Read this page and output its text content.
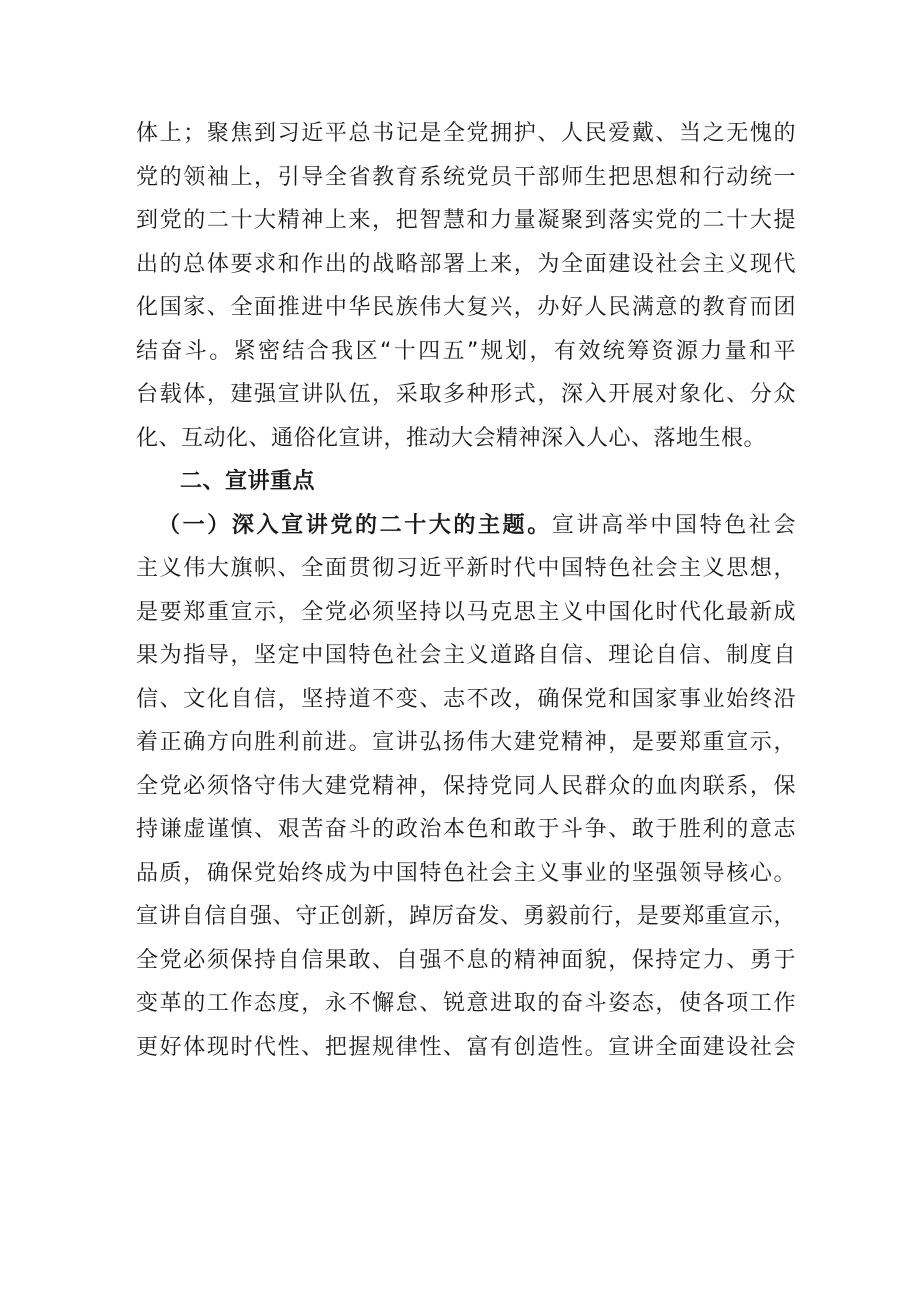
体上；聚焦到习近平总书记是全党拥护、人民爱戴、当之无愧的
党的领袖上，引导全省教育系统党员干部师生把思想和行动统一
到党的二十大精神上来，把智慧和力量凝聚到落实党的二十大提
出的总体要求和作出的战略部署上来，为全面建设社会主义现代
化国家、全面推进中华民族伟大复兴，办好人民满意的教育而团
结奋斗。紧密结合我区“十四五”规划，有效统筹资源力量和平
台载体，建强宣讲队伍，采取多种形式，深入开展对象化、分众
化、互动化、通俗化宣讲，推动大会精神深入人心、落地生根。
二、宣讲重点
（一）深入宣讲党的二十大的主题。宣讲高举中国特色社会
主义伟大旗帜、全面贯彻习近平新时代中国特色社会主义思想，
是要郑重宣示，全党必须坚持以马克思主义中国化时代化最新成
果为指导，坚定中国特色社会主义道路自信、理论自信、制度自
信、文化自信，坚持道不变、志不改，确保党和国家事业始终沿
着正确方向胜利前进。宣讲弘扬伟大建党精神，是要郑重宣示，
全党必须恪守伟大建党精神，保持党同人民群众的血肉联系，保
持谦虚谨慎、艰苦奋斗的政治本色和敢于斗争、敢于胜利的意志
品质，确保党始终成为中国特色社会主义事业的坚强领导核心。
宣讲自信自强、守正创新，踔厉奋发、勇毅前行，是要郑重宣示，
全党必须保持自信果敢、自强不息的精神面貌，保持定力、勇于
变革的工作态度，永不懈怠、锐意进取的奋斗姿态，使各项工作
更好体现时代性、把握规律性、富有创造性。宣讲全面建设社会
